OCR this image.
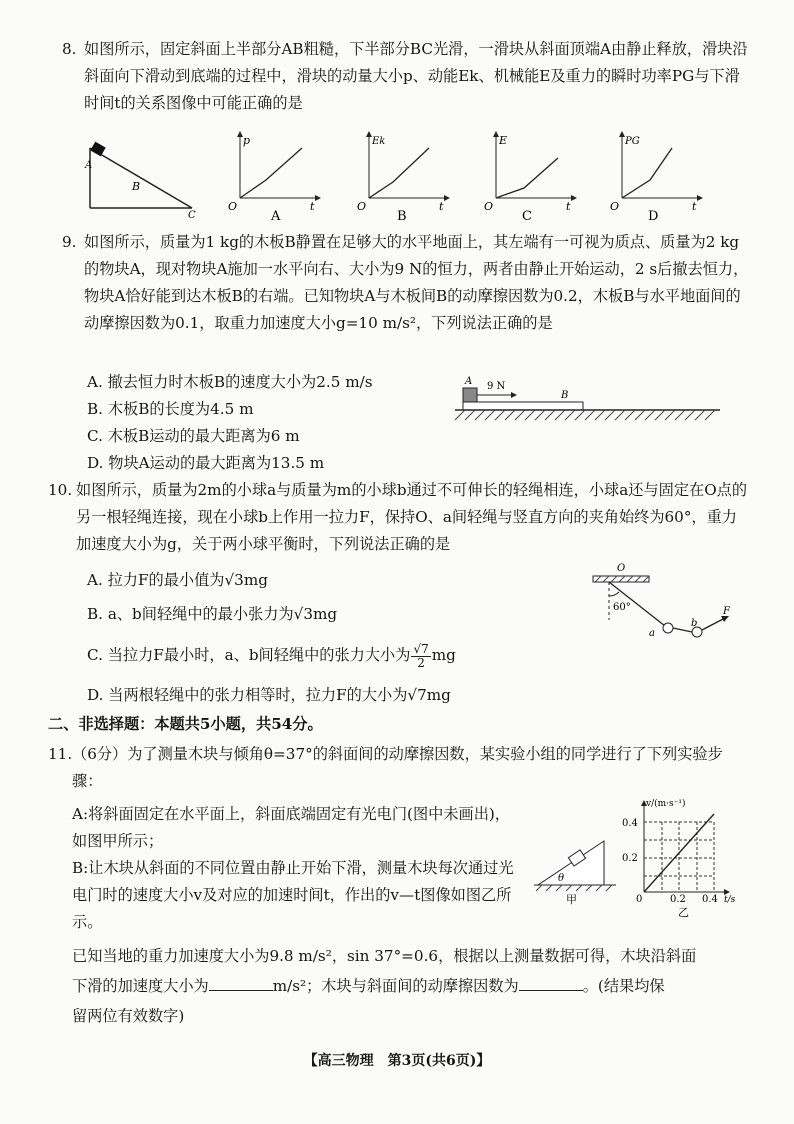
8. 如图所示，固定斜面上半部分AB粗糙，下半部分BC光滑，一滑块从斜面顶端A由静止释放，滑块沿斜面向下滑动到底端的过程中，滑块的动量大小p、动能Ek、机械能E及重力的瞬时功率PG与下滑时间t的关系图像中可能正确的是
A
B
C
p
O	t
A
Ek
O	t
B
E
O	t
C
PG
O	t
D
9. 如图所示，质量为1 kg的木板B静置在足够大的水平地面上，其左端有一可视为质点、质量为2 kg的物块A，现对物块A施加一水平向右、大小为9 N的恒力，两者由静止开始运动，2 s后撤去恒力，物块A恰好能到达木板B的右端。已知物块A与木板间B的动摩擦因数为0.2，木板B与水平地面间的动摩擦因数为0.1，取重力加速度大小g=10 m/s²，下列说法正确的是
A. 撤去恒力时木板B的速度大小为2.5 m/s
B. 木板B的长度为4.5 m
C. 木板B运动的最大距离为6 m
D. 物块A运动的最大距离为13.5 m
A 9 N
B
10. 如图所示，质量为2m的小球a与质量为m的小球b通过不可伸长的轻绳相连，小球a还与固定在O点的另一根轻绳连接，现在小球b上作用一拉力F，保持O、a间轻绳与竖直方向的夹角始终为60°，重力加速度大小为g，关于两小球平衡时，下列说法正确的是
A. 拉力F的最小值为√3mg
B. a、b间轻绳中的最小张力为√3mg
C. 当拉力F最小时，a、b间轻绳中的张力大小为 $\frac{√7}{2}$ mg
D. 当两根轻绳中的张力相等时，拉力F的大小为√7mg
O
60°
a
b
F
二、非选择题：本题共5小题，共54分。
11. （6分）为了测量木块与倾角θ=37°的斜面间的动摩擦因数，某实验小组的同学进行了下列实验步骤：
A:将斜面固定在水平面上，斜面底端固定有光电门(图中未画出)，如图甲所示；
B:让木块从斜面的不同位置由静止开始下滑，测量木块每次通过光电门时的速度大小v及对应的加速时间t，作出的v—t图像如图乙所示。
已知当地的重力加速度大小为9.8 m/s²，sin 37°=0.6，根据以上测量数据可得，木块沿斜面
下滑的加速度大小为	m/s²；木块与斜面间的动摩擦因数为	。(结果均保
留两位有效数字)
θ
甲
v/(m·s⁻¹)
0.4
0.2
0	0.2 0.4 t/s
乙
【高三物理　第3页(共6页)】
